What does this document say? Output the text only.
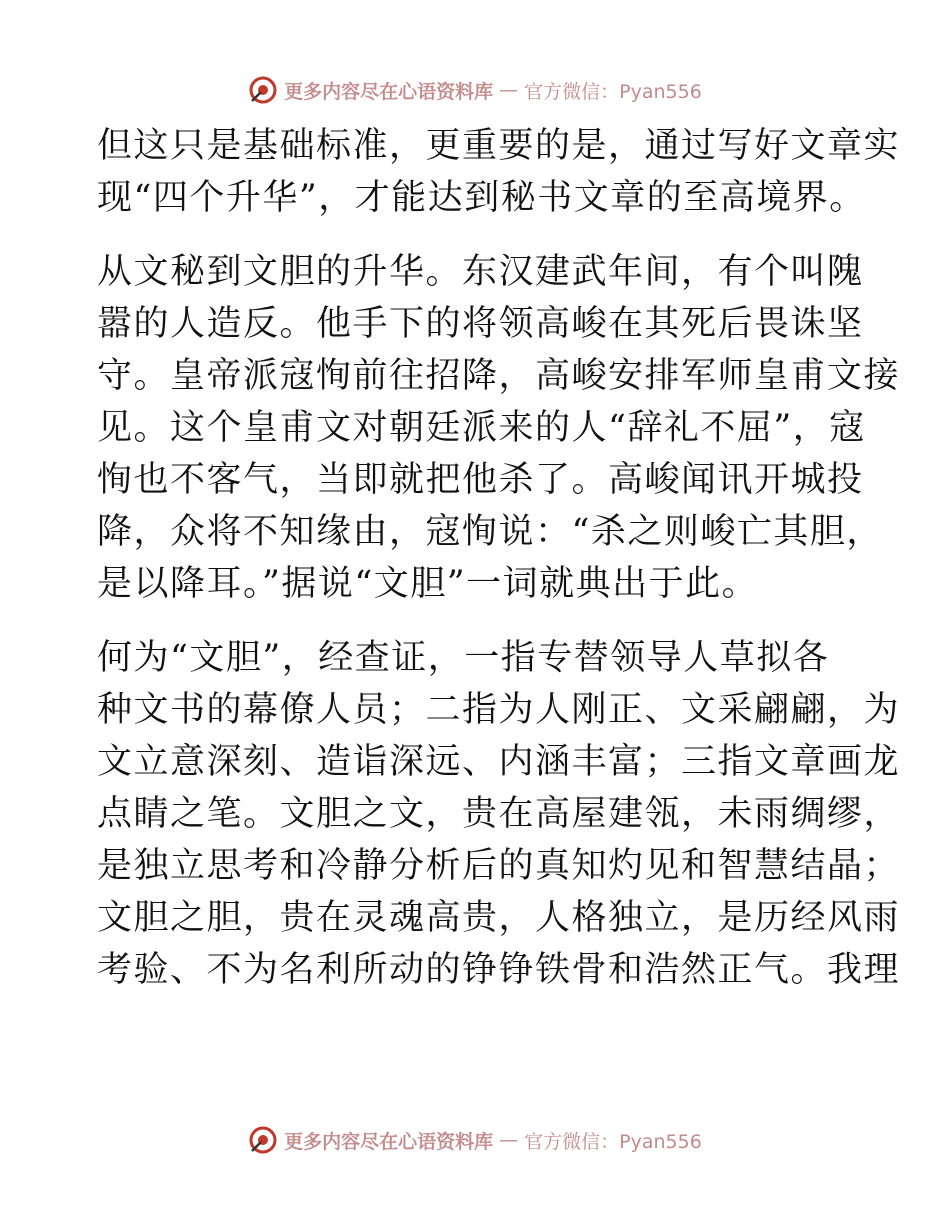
更多内容尽在心语资料库 — 官方微信：Pyan556
但这只是基础标准，更重要的是，通过写好文章实
现“四个升华”，才能达到秘书文章的至高境界。
从文秘到文胆的升华。东汉建武年间，有个叫隗
嚣的人造反。他手下的将领高峻在其死后畏诛坚
守。皇帝派寇恂前往招降，高峻安排军师皇甫文接
见。这个皇甫文对朝廷派来的人“辞礼不屈”，寇
恂也不客气，当即就把他杀了。高峻闻讯开城投
降，众将不知缘由，寇恂说：“杀之则峻亡其胆，
是以降耳。”据说“文胆”一词就典出于此。
何为“文胆”，经查证，一指专替领导人草拟各
种文书的幕僚人员；二指为人刚正、文采翩翩，为
文立意深刻、造诣深远、内涵丰富；三指文章画龙
点睛之笔。文胆之文，贵在高屋建瓴，未雨绸缪，
是独立思考和冷静分析后的真知灼见和智慧结晶；
文胆之胆，贵在灵魂高贵，人格独立，是历经风雨
考验、不为名利所动的铮铮铁骨和浩然正气。我理
更多内容尽在心语资料库 — 官方微信：Pyan556
